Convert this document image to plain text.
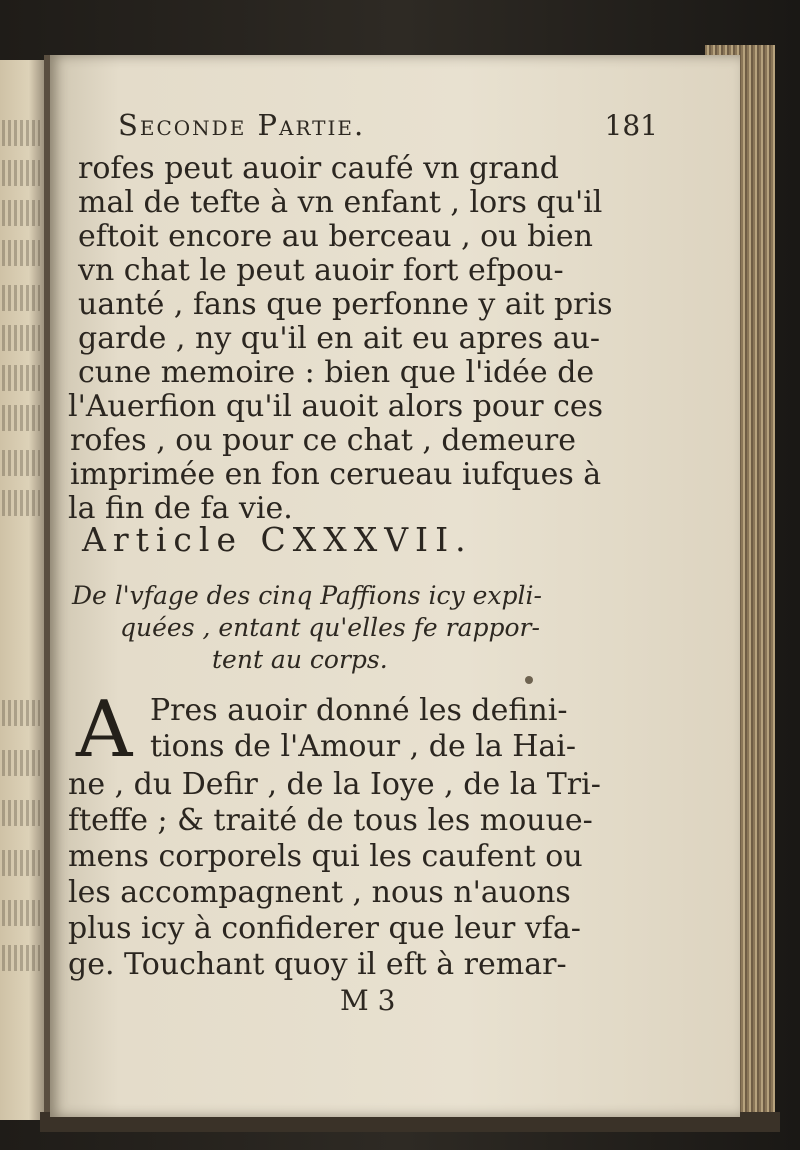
Seconde Partie.	181
rofes peut auoir caufé vn grand
mal de tefte à vn enfant , lors qu'il
eftoit encore au berceau , ou bien
vn chat le peut auoir fort efpou-
uanté , fans que perfonne y ait pris
garde , ny qu'il en ait eu apres au-
cune memoire : bien que l'idée de
l'Auerfion qu'il auoit alors pour ces
rofes , ou pour ce chat , demeure
imprimée en fon cerueau iufques à
la fin de fa vie.
Article CXXXVII.
De l'vfage des cinq Paffions icy expli-
quées , entant qu'elles fe rappor-
tent au corps.
A Pres auoir donné les defini-
tions de l'Amour , de la Hai-
ne , du Defir , de la Ioye , de la Tri-
fteffe ; & traité de tous les mouue-
mens corporels qui les caufent ou
les accompagnent , nous n'auons
plus icy à confiderer que leur vfa-
ge. Touchant quoy il eft à remar-
M 3
